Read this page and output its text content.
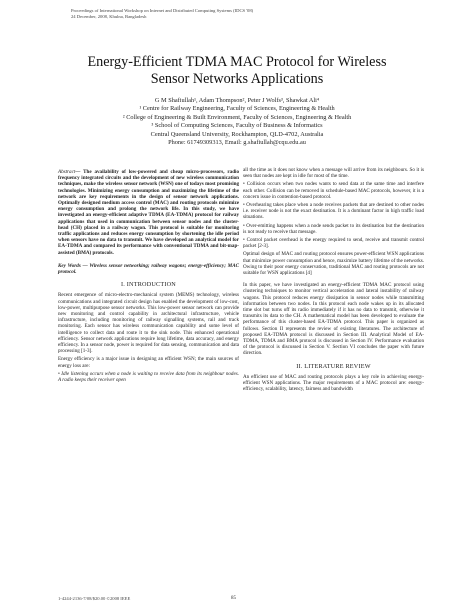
Proceedings of International Workshop on Internet and Distributed Computing Systems (IDCS '08)
24 December, 2008, Khulna, Bangladesh
Energy-Efficient TDMA MAC Protocol for Wireless
Sensor Networks Applications
G M Shafiullah¹, Adam Thompson², Peter J Wolfs³, Shawkat Ali⁴
¹ Centre for Railway Engineering, Faculty of Sciences, Engineering & Health
² College of Engineering & Built Environment, Faculty of Sciences, Engineering & Health
³ School of Computing Sciences, Faculty of Business & Informatics
Central Queensland University, Rockhampton, QLD-4702, Australia
Phone: 61749309313, Email: g.shafiullah@cqu.edu.au

Abstract— The availability of low-powered and cheap micro-processors, radio frequency integrated circuits and the development of new wireless communication techniques, make the wireless sensor network (WSN) one of todays most promising technologies. Minimizing energy consumption and maximizing the lifetime of the network are key requirements in the design of sensor network applications. Optimally designed medium access control (MAC) and routing protocols minimize energy consumption and prolong the network life. In this study, we have investigated an energy-efficient adaptive TDMA (EA-TDMA) protocol for railway applications that used in communication between sensor nodes and the cluster-head (CH) placed in a railway wagon. This protocol is suitable for monitoring traffic applications and reduces energy consumption by shortening the idle period when sensors have no data to transmit. We have developed an analytical model for EA-TDMA and compared its performance with conventional TDMA and bit-map-assisted (BMA) protocols.

Key Words — Wireless sensor networking; railway wagons; energy-efficiency; MAC protocol.

I. INTRODUCTION

Recent emergence of micro-electro-mechanical system (MEMS) technology, wireless communications and integrated circuit design has enabled the development of low-cost, low-power, multipurpose sensor networks. This low-power sensor network can provide new monitoring and control capability in architectural infrastructure, vehicle infrastructure, including monitoring of railway signalling systems, rail and track monitoring. Each sensor has wireless communication capability and some level of intelligence to collect data and route it to the sink node. This enhanced operational efficiency. Sensor network applications require long lifetime, data accuracy, and energy efficiency. In a sensor node, power is required for data sensing, communication and data processing [1-3].

Energy efficiency is a major issue in designing an efficient WSN; the main sources of energy loss are:

• Idle listening occurs when a node is waiting to receive data from its neighbour nodes. A radio keeps their receiver open

all the time as it does not know when a message will arrive from its neighbours. So it is seen that nodes are kept in idle for most of the time.

• Collision occurs when two nodes wants to send data at the same time and interfere each other. Collision can be removed in schedule-based MAC protocols, however, it is a concern issue in contention-based protocol.

• Overhearing takes place when a node receives packets that are destined to other nodes i.e. receiver node is not the exact destination. It is a dominant factor in high traffic load situations.

• Over-emitting happens when a node sends packet to its destination but the destination is not ready to receive that message.

• Control packet overhead is the energy required to send, receive and transmit control packet [2-3].

Optimal design of MAC and routing protocol ensures power-efficient WSN applications that minimize power consumption and hence, maximize battery lifetime of the networks. Owing to their poor energy conservation, traditional MAC and routing protocols are not suitable for WSN applications [4]

In this paper, we have investigated an energy-efficient TDMA MAC protocol using clustering techniques to monitor vertical acceleration and lateral instability of railway wagons. This protocol reduces energy dissipation in sensor nodes while transmitting information between two nodes. In this protocol each node wakes up in its allocated time slot but turns off its radio immediately if it has no data to transmit, otherwise it transmits its data to the CH. A mathematical model has been developed to evaluate the performance of this cluster-based EA-TDMA protocol. This paper is organized as follows. Section II represents the review of existing literatures. The architecture of proposed EA-TDMA protocol is discussed in Section III. Analytical Model of EA-TDMA, TDMA and BMA protocol is discussed in Section IV. Performance evaluation of the protocol is discussed in Section V. Section VI concludes the paper with future direction.

II. LITERATURE REVIEW

An efficient use of MAC and routing protocols plays a key role in achieving energy-efficient WSN applications. The major requirements of a MAC protocol are: energy-efficiency, scalability, latency, fairness and bandwidth

1-4244-2136-7/08/$20.00 ©2008 IEEE	85
